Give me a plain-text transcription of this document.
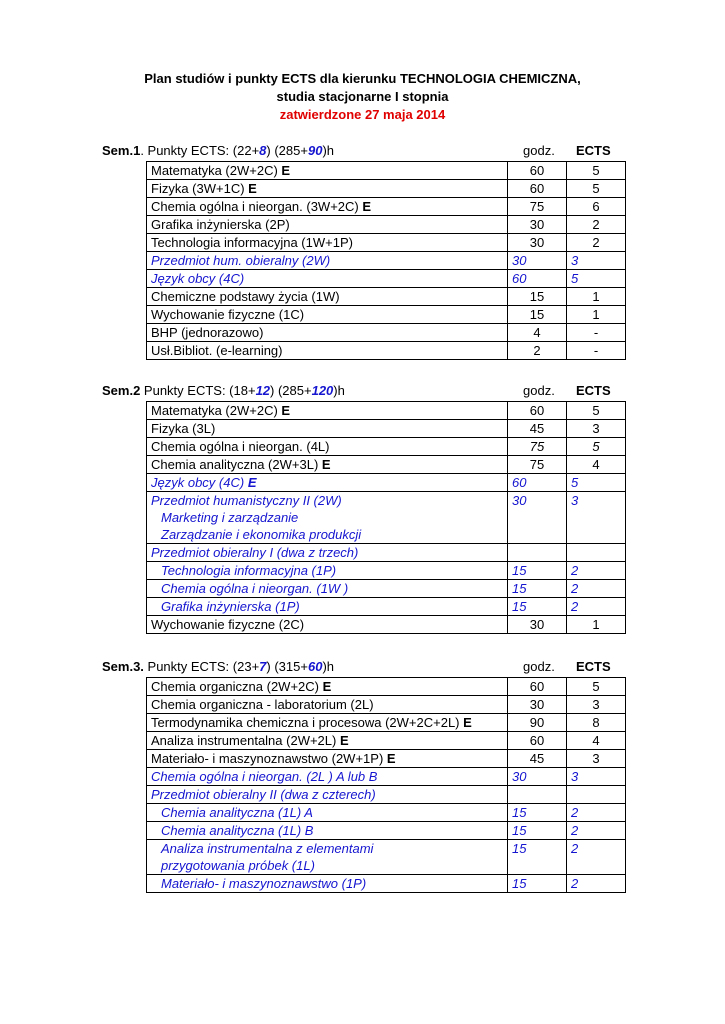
Plan studiów i punkty ECTS dla kierunku TECHNOLOGIA CHEMICZNA,
studia stacjonarne I stopnia
zatwierdzone 27 maja 2014
Sem.1. Punkty ECTS: (22+8) (285+90)h	godz. ECTS
Matematyka (2W+2C) E	60	5
Fizyka (3W+1C) E	60	5
Chemia ogólna i nieorgan. (3W+2C) E	75	6
Grafika inżynierska (2P)	30	2
Technologia informacyjna (1W+1P)	30	2
Przedmiot hum. obieralny (2W)	30	3
Język obcy (4C)	60	5
Chemiczne podstawy życia (1W)	15	1
Wychowanie fizyczne (1C)	15	1
BHP (jednorazowo)	4	-
Usł.Bibliot. (e-learning)	2	-
Sem.2 Punkty ECTS: (18+12) (285+120)h	godz. ECTS
Matematyka (2W+2C) E	60	5
Fizyka (3L)	45	3
Chemia ogólna i nieorgan. (4L)	75	5
Chemia analityczna (2W+3L) E	75	4
Język obcy (4C) E	60	5
Przedmiot humanistyczny II (2W)	30	3
Marketing i zarządzanie		
Zarządzanie i ekonomika produkcji		
Przedmiot obieralny I (dwa z trzech)		
Technologia informacyjna (1P)	15	2
Chemia ogólna i nieorgan. (1W )	15	2
Grafika inżynierska (1P)	15	2
Wychowanie fizyczne (2C)	30	1
Sem.3. Punkty ECTS: (23+7) (315+60)h	godz. ECTS
Chemia organiczna (2W+2C) E	60	5
Chemia organiczna - laboratorium (2L)	30	3
Termodynamika chemiczna i procesowa (2W+2C+2L) E	90	8
Analiza instrumentalna (2W+2L) E	60	4
Materiało- i maszynoznawstwo (2W+1P) E	45	3
Chemia ogólna i nieorgan. (2L ) A lub B	30	3
Przedmiot obieralny II (dwa z czterech)		
Chemia analityczna (1L) A	15	2
Chemia analityczna (1L) B	15	2
Analiza instrumentalna z elementami	15	2
przygotowania próbek (1L)		
Materiało- i maszynoznawstwo (1P)	15	2
